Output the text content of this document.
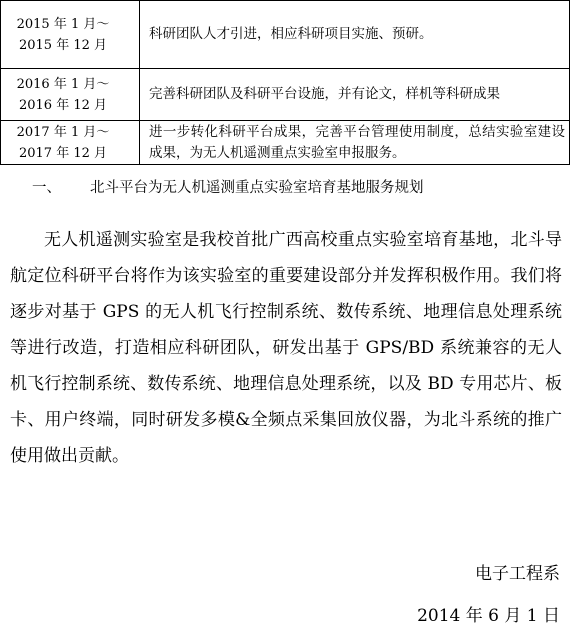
2015 年 1 月～
2015 年 12 月	科研团队人才引进，相应科研项目实施、预研。

2016 年 1 月～
2016 年 12 月	完善科研团队及科研平台设施，并有论文，样机等科研成果

2017 年 1 月～
2017 年 12 月	进一步转化科研平台成果，完善平台管理使用制度，总结实验室建设成果，为无人机遥测重点实验室申报服务。
一、 北斗平台为无人机遥测重点实验室培育基地服务规划

无人机遥测实验室是我校首批广西高校重点实验室培育基地，北斗导航定位科研平台将作为该实验室的重要建设部分并发挥积极作用。我们将逐步对基于 GPS 的无人机飞行控制系统、数传系统、地理信息处理系统等进行改造，打造相应科研团队，研发出基于 GPS/BD 系统兼容的无人机飞行控制系统、数传系统、地理信息处理系统，以及 BD 专用芯片、板卡、用户终端，同时研发多模&全频点采集回放仪器，为北斗系统的推广使用做出贡献。

电子工程系
2014 年 6 月 1 日
